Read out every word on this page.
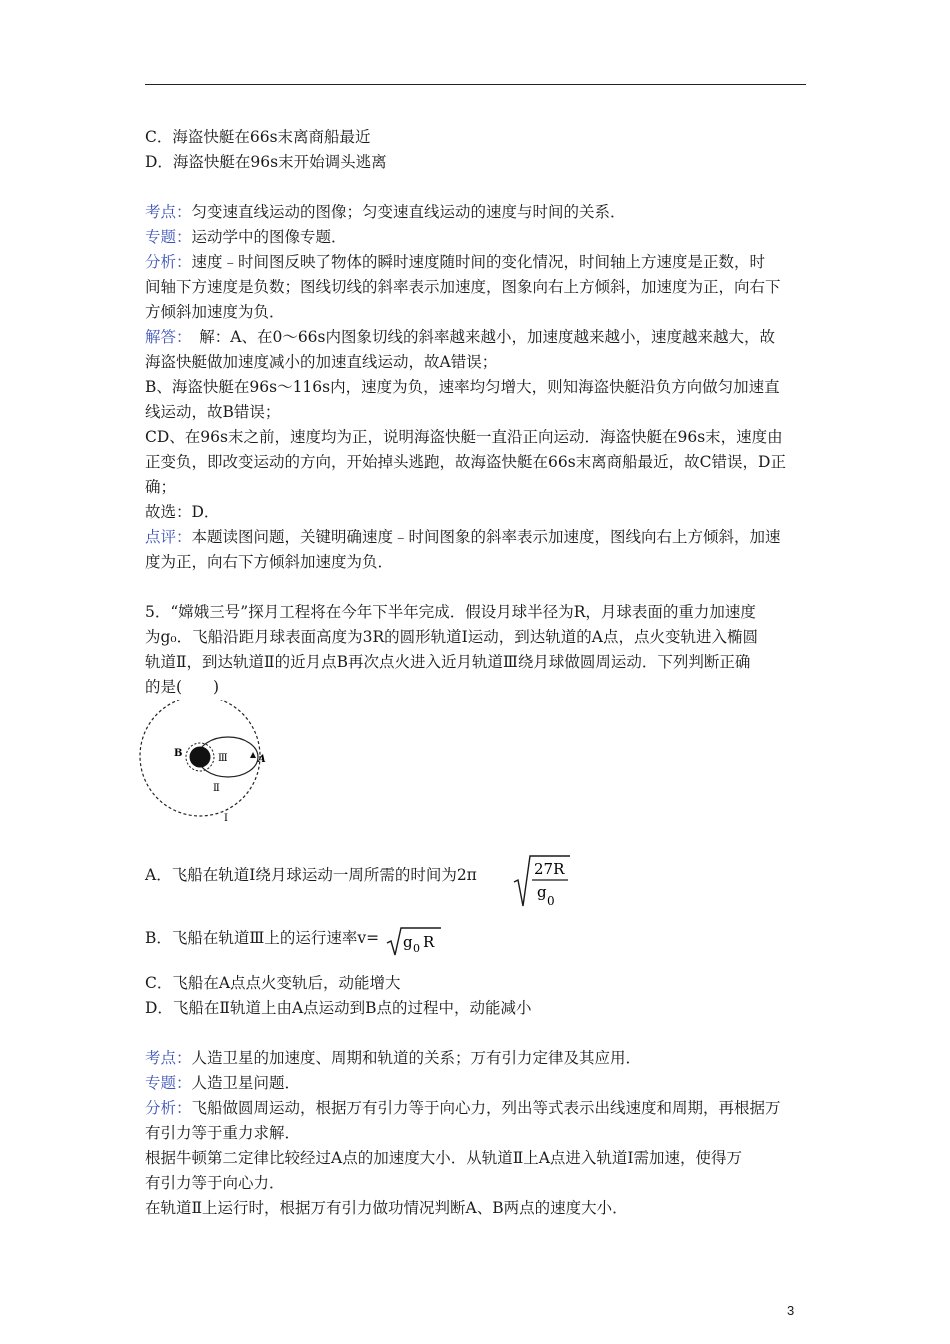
C．海盗快艇在66s末离商船最近
D．海盗快艇在96s末开始调头逃离
考点：匀变速直线运动的图像；匀变速直线运动的速度与时间的关系．
专题：运动学中的图像专题．
分析：速度﹣时间图反映了物体的瞬时速度随时间的变化情况，时间轴上方速度是正数，时
间轴下方速度是负数；图线切线的斜率表示加速度，图象向右上方倾斜，加速度为正，向右下
方倾斜加速度为负．
解答：　解：A、在0～66s内图象切线的斜率越来越小，加速度越来越小，速度越来越大，故
海盗快艇做加速度减小的加速直线运动，故A错误；
B、海盗快艇在96s～116s内，速度为负，速率均匀增大，则知海盗快艇沿负方向做匀加速直
线运动，故B错误；
CD、在96s末之前，速度均为正，说明海盗快艇一直沿正向运动．海盗快艇在96s末，速度由
正变负，即改变运动的方向，开始掉头逃跑，故海盗快艇在66s末离商船最近，故C错误，D正
确；
故选：D．
点评：本题读图问题，关键明确速度﹣时间图象的斜率表示加速度，图线向右上方倾斜，加速
度为正，向右下方倾斜加速度为负．
5．“嫦娥三号”探月工程将在今年下半年完成．假设月球半径为R，月球表面的重力加速度
为g₀．飞船沿距月球表面高度为3R的圆形轨道Ⅰ运动，到达轨道的A点，点火变轨进入椭圆
轨道Ⅱ，到达轨道Ⅱ的近月点B再次点火进入近月轨道Ⅲ绕月球做圆周运动．下列判断正确
的是(　　)
B
A
Ⅲ
Ⅱ
Ⅰ
A．飞船在轨道Ⅰ绕月球运动一周所需的时间为2π	27R
g 0
B．飞船在轨道Ⅲ上的运行速率v= g 0 R
C．飞船在A点点火变轨后，动能增大
D．飞船在Ⅱ轨道上由A点运动到B点的过程中，动能减小
考点：人造卫星的加速度、周期和轨道的关系；万有引力定律及其应用．
专题：人造卫星问题．
分析：飞船做圆周运动，根据万有引力等于向心力，列出等式表示出线速度和周期，再根据万
有引力等于重力求解．
根据牛顿第二定律比较经过A点的加速度大小．从轨道Ⅱ上A点进入轨道Ⅰ需加速，使得万
有引力等于向心力．
在轨道Ⅱ上运行时，根据万有引力做功情况判断A、B两点的速度大小．
3
